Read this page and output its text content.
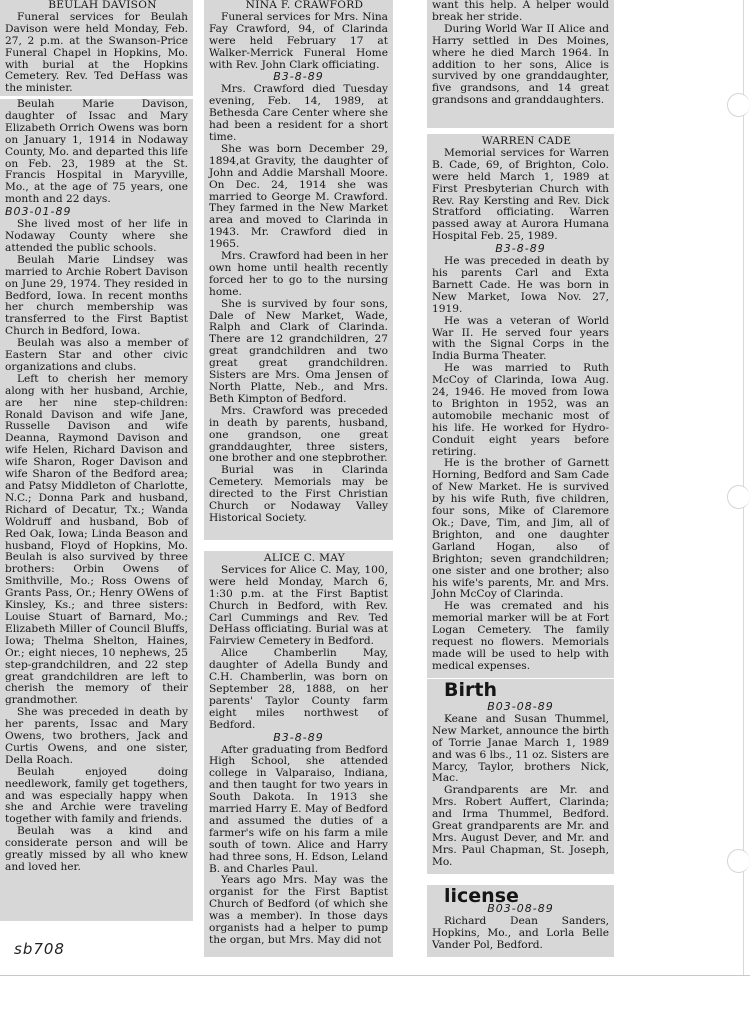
BEULAH DAVISON

Funeral services for Beulah Davison were held Monday, Feb. 27, 2 p.m. at the Swanson-Price Funeral Chapel in Hopkins, Mo. with burial at the Hopkins Cemetery. Rev. Ted DeHass was the minister.

Beulah Marie Davison, daughter of Issac and Mary Elizabeth Orrich Owens was born on January 1, 1914 in Nodaway County, Mo. and departed this life on Feb. 23, 1989 at the St. Francis Hospital in Maryville, Mo., at the age of 75 years, one month and 22 days.

B03-01-89

She lived most of her life in Nodaway County where she attended the public schools.

Beulah Marie Lindsey was married to Archie Robert Davison on June 29, 1974. They resided in Bedford, Iowa. In recent months her church membership was transferred to the First Baptist Church in Bedford, Iowa.

Beulah was also a member of Eastern Star and other civic organizations and clubs.

Left to cherish her memory along with her husband, Archie, are her nine step-children: Ronald Davison and wife Jane, Russelle Davison and wife Deanna, Raymond Davison and wife Helen, Richard Davison and wife Sharon, Roger Davison and wife Sharon of the Bedford area; and Patsy Middleton of Charlotte, N.C.; Donna Park and husband, Richard of Decatur, Tx.; Wanda Woldruff and husband, Bob of Red Oak, Iowa; Linda Beason and husband, Floyd of Hopkins, Mo. Beulah is also survived by three brothers: Orbin Owens of Smithville, Mo.; Ross Owens of Grants Pass, Or.; Henry OWens of Kinsley, Ks.; and three sisters: Louise Stuart of Barnard, Mo.; Elizabeth Miller of Council Bluffs, Iowa; Thelma Shelton, Haines, Or.; eight nieces, 10 nephews, 25 step-grandchildren, and 22 step great grandchildren are left to cherish the memory of their grandmother.

She was preceded in death by her parents, Issac and Mary Owens, two brothers, Jack and Curtis Owens, and one sister, Della Roach.

Beulah enjoyed doing needlework, family get togethers, and was especially happy when she and Archie were traveling together with family and friends.

Beulah was a kind and considerate person and will be greatly missed by all who knew and loved her.

sb708

NINA F. CRAWFORD

Funeral services for Mrs. Nina Fay Crawford, 94, of Clarinda were held February 17 at Walker-Merrick Funeral Home with Rev. John Clark officiating.

B3-8-89

Mrs. Crawford died Tuesday evening, Feb. 14, 1989, at Bethesda Care Center where she had been a resident for a short time.

She was born December 29, 1894,at Gravity, the daughter of John and Addie Marshall Moore. On Dec. 24, 1914 she was married to George M. Crawford. They farmed in the New Market area and moved to Clarinda in 1943. Mr. Crawford died in 1965.

Mrs. Crawford had been in her own home until health recently forced her to go to the nursing home.

She is survived by four sons, Dale of New Market, Wade, Ralph and Clark of Clarinda. There are 12 grandchildren, 27 great grandchildren and two great great grandchildren. Sisters are Mrs. Oma Jensen of North Platte, Neb., and Mrs. Beth Kimpton of Bedford.

Mrs. Crawford was preceded in death by parents, husband, one grandson, one great granddaughter, three sisters, one brother and one stepbrother.

Burial was in Clarinda Cemetery. Memorials may be directed to the First Christian Church or Nodaway Valley Historical Society.

ALICE C. MAY

Services for Alice C. May, 100, were held Monday, March 6, 1:30 p.m. at the First Baptist Church in Bedford, with Rev. Carl Cummings and Rev. Ted DeHass officiating. Burial was at Fairview Cemetery in Bedford.

Alice Chamberlin May, daughter of Adella Bundy and C.H. Chamberlin, was born on September 28, 1888, on her parents' Taylor County farm eight miles northwest of Bedford.

B3-8-89

After graduating from Bedford High School, she attended college in Valparaiso, Indiana, and then taught for two years in South Dakota. In 1913 she married Harry E. May of Bedford and assumed the duties of a farmer's wife on his farm a mile south of town. Alice and Harry had three sons, H. Edson, Leland B. and Charles Paul.

Years ago Mrs. May was the organist for the First Baptist Church of Bedford (of which she was a member). In those days organists had a helper to pump the organ, but Mrs. May did not

want this help. A helper would break her stride.

During World War II Alice and Harry settled in Des Moines, where he died March 1964. In addition to her sons, Alice is survived by one granddaughter, five grandsons, and 14 great grandsons and granddaughters.

WARREN CADE

Memorial services for Warren B. Cade, 69, of Brighton, Colo. were held March 1, 1989 at First Presbyterian Church with Rev. Ray Kersting and Rev. Dick Stratford officiating. Warren passed away at Aurora Humana Hospital Feb. 25, 1989.

B3-8-89

He was preceded in death by his parents Carl and Exta Barnett Cade. He was born in New Market, Iowa Nov. 27, 1919.

He was a veteran of World War II. He served four years with the Signal Corps in the India Burma Theater.

He was married to Ruth McCoy of Clarinda, Iowa Aug. 24, 1946. He moved from Iowa to Brighton in 1952, was an automobile mechanic most of his life. He worked for Hydro-Conduit eight years before retiring.

He is the brother of Garnett Horning, Bedford and Sam Cade of New Market. He is survived by his wife Ruth, five children, four sons, Mike of Claremore Ok.; Dave, Tim, and Jim, all of Brighton, and one daughter Garland Hogan, also of Brighton; seven grandchildren; one sister and one brother; also his wife's parents, Mr. and Mrs. John McCoy of Clarinda.

He was cremated and his memorial marker will be at Fort Logan Cemetery. The family request no flowers. Memorials made will be used to help with medical expenses.

Birth

B03-08-89

Keane and Susan Thummel, New Market, announce the birth of Torrie Janae March 1, 1989 and was 6 lbs., 11 oz. Sisters are Marcy, Taylor, brothers Nick, Mac.

Grandparents are Mr. and Mrs. Robert Auffert, Clarinda; and Irma Thummel, Bedford. Great grandparents are Mr. and Mrs. August Dever, and Mr. and Mrs. Paul Chapman, St. Joseph, Mo.

license

B03-08-89

Richard Dean Sanders, Hopkins, Mo., and Lorla Belle Vander Pol, Bedford.
